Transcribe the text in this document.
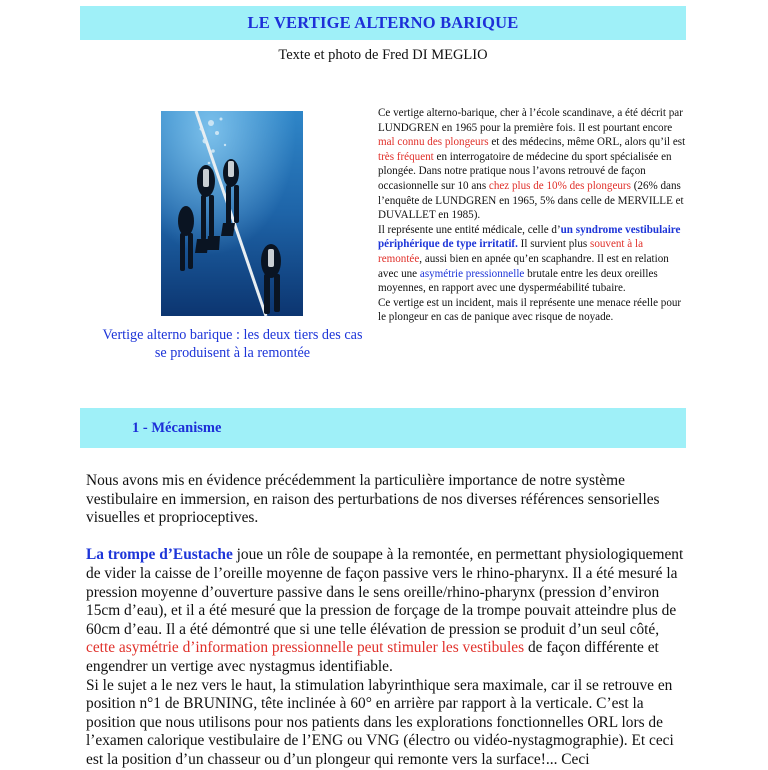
LE VERTIGE ALTERNO BARIQUE
Texte et photo de Fred DI MEGLIO
Vertige alterno barique : les deux tiers des cas se produisent à la remontée
Ce vertige alterno-barique, cher à l’école scandinave, a été décrit par LUNDGREN en 1965 pour la première fois. Il est pourtant encore mal connu des plongeurs et des médecins, même ORL, alors qu’il est très fréquent en interrogatoire de médecine du sport spécialisée en plongée. Dans notre pratique nous l’avons retrouvé de façon occasionnelle sur 10 ans chez plus de 10% des plongeurs (26% dans l’enquête de LUNDGREN en 1965, 5% dans celle de MERVILLE et DUVALLET en 1985).
Il représente une entité médicale, celle d’un syndrome vestibulaire périphérique de type irritatif. Il survient plus souvent à la remontée, aussi bien en apnée qu’en scaphandre. Il est en relation avec une asymétrie pressionnelle brutale entre les deux oreilles moyennes, en rapport avec une dysperméabilité tubaire.
Ce vertige est un incident, mais il représente une menace réelle pour le plongeur en cas de panique avec risque de noyade.
1 - Mécanisme

Nous avons mis en évidence précédemment la particulière importance de notre système vestibulaire en immersion, en raison des perturbations de nos diverses références sensorielles visuelles et proprioceptives.

La trompe d’Eustache joue un rôle de soupape à la remontée, en permettant physiologiquement de vider la caisse de l’oreille moyenne de façon passive vers le rhino-pharynx. Il a été mesuré la pression moyenne d’ouverture passive dans le sens oreille/rhino-pharynx (pression d’environ 15cm d’eau), et il a été mesuré que la pression de forçage de la trompe pouvait atteindre plus de 60cm d’eau. Il a été démontré que si une telle élévation de pression se produit d’un seul côté, cette asymétrie d’information pressionnelle peut stimuler les vestibules de façon différente et engendrer un vertige avec nystagmus identifiable.

Si le sujet a le nez vers le haut, la stimulation labyrinthique sera maximale, car il se retrouve en position n°1 de BRUNING, tête inclinée à 60° en arrière par rapport à la verticale. C’est la position que nous utilisons pour nos patients dans les explorations fonctionnelles ORL lors de l’examen calorique vestibulaire de l’ENG ou VNG (électro ou vidéo-nystagmographie). Et ceci est la position d’un chasseur ou d’un plongeur qui remonte vers la surface!... Ceci
